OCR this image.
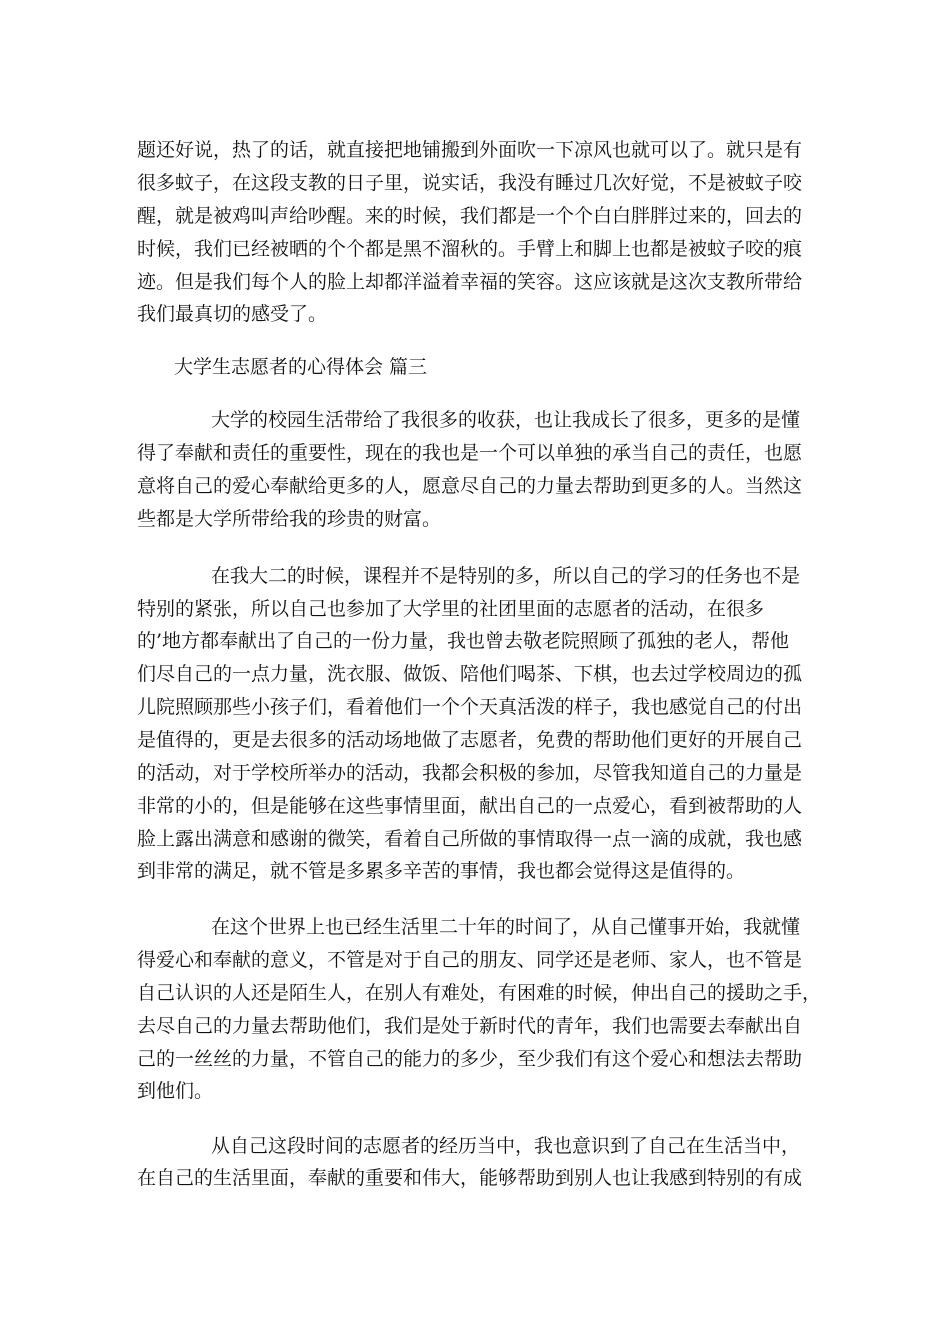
题还好说，热了的话，就直接把地铺搬到外面吹一下凉风也就可以了。就只是有
很多蚊子，在这段支教的日子里，说实话，我没有睡过几次好觉，不是被蚊子咬
醒，就是被鸡叫声给吵醒。来的时候，我们都是一个个白白胖胖过来的，回去的
时候，我们已经被晒的个个都是黑不溜秋的。手臂上和脚上也都是被蚊子咬的痕
迹。但是我们每个人的脸上却都洋溢着幸福的笑容。这应该就是这次支教所带给
我们最真切的感受了。
大学生志愿者的心得体会 篇三
大学的校园生活带给了我很多的收获，也让我成长了很多，更多的是懂
得了奉献和责任的重要性，现在的我也是一个可以单独的承当自己的责任，也愿
意将自己的爱心奉献给更多的人，愿意尽自己的力量去帮助到更多的人。当然这
些都是大学所带给我的珍贵的财富。
在我大二的时候，课程并不是特别的多，所以自己的学习的任务也不是
特别的紧张，所以自己也参加了大学里的社团里面的志愿者的活动，在很多
的’地方都奉献出了自己的一份力量，我也曾去敬老院照顾了孤独的老人，帮他
们尽自己的一点力量，洗衣服、做饭、陪他们喝茶、下棋，也去过学校周边的孤
儿院照顾那些小孩子们，看着他们一个个天真活泼的样子，我也感觉自己的付出
是值得的，更是去很多的活动场地做了志愿者，免费的帮助他们更好的开展自己
的活动，对于学校所举办的活动，我都会积极的参加，尽管我知道自己的力量是
非常的小的，但是能够在这些事情里面，献出自己的一点爱心，看到被帮助的人
脸上露出满意和感谢的微笑，看着自己所做的事情取得一点一滴的成就，我也感
到非常的满足，就不管是多累多辛苦的事情，我也都会觉得这是值得的。
在这个世界上也已经生活里二十年的时间了，从自己懂事开始，我就懂
得爱心和奉献的意义，不管是对于自己的朋友、同学还是老师、家人，也不管是
自己认识的人还是陌生人，在别人有难处，有困难的时候，伸出自己的援助之手，
去尽自己的力量去帮助他们，我们是处于新时代的青年，我们也需要去奉献出自
己的一丝丝的力量，不管自己的能力的多少，至少我们有这个爱心和想法去帮助
到他们。
从自己这段时间的志愿者的经历当中，我也意识到了自己在生活当中，
在自己的生活里面，奉献的重要和伟大，能够帮助到别人也让我感到特别的有成
